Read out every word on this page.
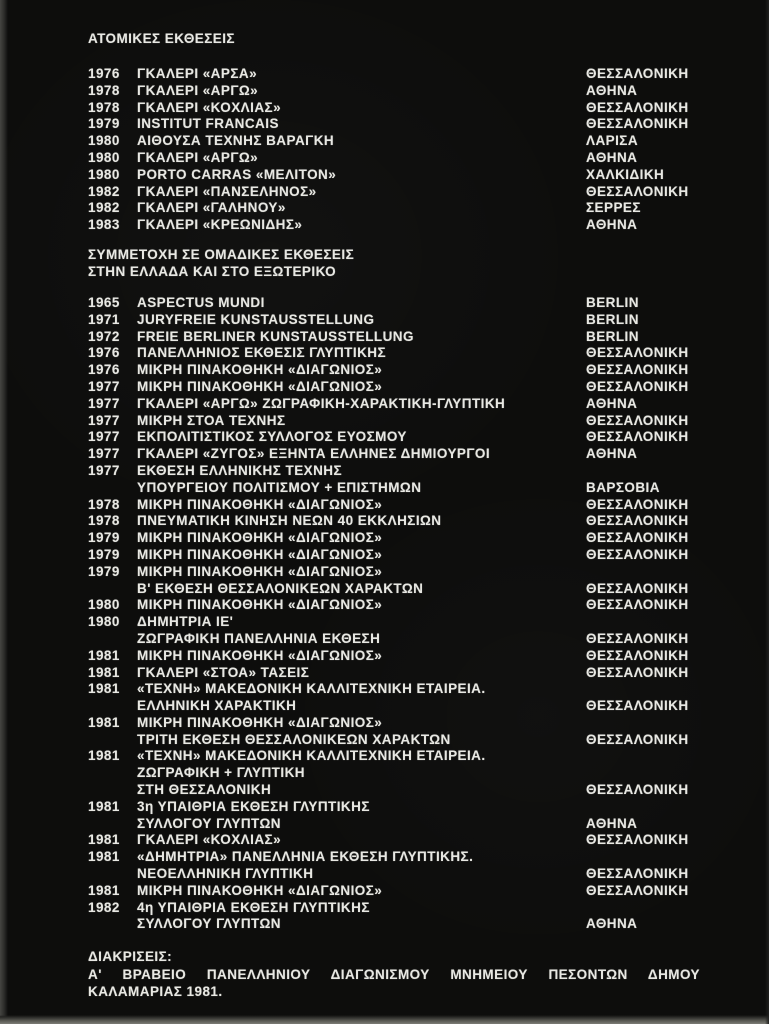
ΑΤΟΜΙΚΕΣ ΕΚΘΕΣΕΙΣ
1976	ΓΚΑΛΕΡΙ «ΑΡΣΑ»	ΘΕΣΣΑΛΟΝΙΚΗ
1978	ΓΚΑΛΕΡΙ «ΑΡΓΩ»	ΑΘΗΝΑ
1978	ΓΚΑΛΕΡΙ «ΚΟΧΛΙΑΣ»	ΘΕΣΣΑΛΟΝΙΚΗ
1979	INSTITUT FRANCAIS	ΘΕΣΣΑΛΟΝΙΚΗ
1980	ΑΙΘΟΥΣΑ ΤΕΧΝΗΣ ΒΑΡΑΓΚΗ	ΛΑΡΙΣΑ
1980	ΓΚΑΛΕΡΙ «ΑΡΓΩ»	ΑΘΗΝΑ
1980	PORTO CARRAS «ΜΕΛΙΤΟΝ»	ΧΑΛΚΙΔΙΚΗ
1982	ΓΚΑΛΕΡΙ «ΠΑΝΣΕΛΗΝΟΣ»	ΘΕΣΣΑΛΟΝΙΚΗ
1982	ΓΚΑΛΕΡΙ «ΓΑΛΗΝΟΥ»	ΣΕΡΡΕΣ
1983	ΓΚΑΛΕΡΙ «ΚΡΕΩΝΙΔΗΣ»	ΑΘΗΝΑ
ΣΥΜΜΕΤΟΧΗ ΣΕ ΟΜΑΔΙΚΕΣ ΕΚΘΕΣΕΙΣ
ΣΤΗΝ ΕΛΛΑΔΑ ΚΑΙ ΣΤΟ ΕΞΩΤΕΡΙΚΟ
1965	ASPECTUS MUNDI	BERLIN
1971	JURYFREIE KUNSTAUSSTELLUNG	BERLIN
1972	FREIE BERLINER KUNSTAUSSTELLUNG	BERLIN
1976	ΠΑΝΕΛΛΗΝΙΟΣ ΕΚΘΕΣΙΣ ΓΛΥΠΤΙΚΗΣ	ΘΕΣΣΑΛΟΝΙΚΗ
1976	ΜΙΚΡΗ ΠΙΝΑΚΟΘΗΚΗ «ΔΙΑΓΩΝΙΟΣ»	ΘΕΣΣΑΛΟΝΙΚΗ
1977	ΜΙΚΡΗ ΠΙΝΑΚΟΘΗΚΗ «ΔΙΑΓΩΝΙΟΣ»	ΘΕΣΣΑΛΟΝΙΚΗ
1977	ΓΚΑΛΕΡΙ «ΑΡΓΩ» ΖΩΓΡΑΦΙΚΗ-ΧΑΡΑΚΤΙΚΗ-ΓΛΥΠΤΙΚΗ	ΑΘΗΝΑ
1977	ΜΙΚΡΗ ΣΤΟΑ ΤΕΧΝΗΣ	ΘΕΣΣΑΛΟΝΙΚΗ
1977	ΕΚΠΟΛΙΤΙΣΤΙΚΟΣ ΣΥΛΛΟΓΟΣ ΕΥΟΣΜΟΥ	ΘΕΣΣΑΛΟΝΙΚΗ
1977	ΓΚΑΛΕΡΙ «ΖΥΓΟΣ» ΕΞΗΝΤΑ ΕΛΛΗΝΕΣ ΔΗΜΙΟΥΡΓΟΙ	ΑΘΗΝΑ
1977	ΕΚΘΕΣΗ ΕΛΛΗΝΙΚΗΣ ΤΕΧΝΗΣ
ΥΠΟΥΡΓΕΙΟΥ ΠΟΛΙΤΙΣΜΟΥ + ΕΠΙΣΤΗΜΩΝ	ΒΑΡΣΟΒΙΑ
1978	ΜΙΚΡΗ ΠΙΝΑΚΟΘΗΚΗ «ΔΙΑΓΩΝΙΟΣ»	ΘΕΣΣΑΛΟΝΙΚΗ
1978	ΠΝΕΥΜΑΤΙΚΗ ΚΙΝΗΣΗ ΝΕΩΝ 40 ΕΚΚΛΗΣΙΩΝ	ΘΕΣΣΑΛΟΝΙΚΗ
1979	ΜΙΚΡΗ ΠΙΝΑΚΟΘΗΚΗ «ΔΙΑΓΩΝΙΟΣ»	ΘΕΣΣΑΛΟΝΙΚΗ
1979	ΜΙΚΡΗ ΠΙΝΑΚΟΘΗΚΗ «ΔΙΑΓΩΝΙΟΣ»	ΘΕΣΣΑΛΟΝΙΚΗ
1979	ΜΙΚΡΗ ΠΙΝΑΚΟΘΗΚΗ «ΔΙΑΓΩΝΙΟΣ»
Β' ΕΚΘΕΣΗ ΘΕΣΣΑΛΟΝΙΚΕΩΝ ΧΑΡΑΚΤΩΝ	ΘΕΣΣΑΛΟΝΙΚΗ
1980	ΜΙΚΡΗ ΠΙΝΑΚΟΘΗΚΗ «ΔΙΑΓΩΝΙΟΣ»	ΘΕΣΣΑΛΟΝΙΚΗ
1980	ΔΗΜΗΤΡΙΑ ΙΕ'
ΖΩΓΡΑΦΙΚΗ ΠΑΝΕΛΛΗΝΙΑ ΕΚΘΕΣΗ	ΘΕΣΣΑΛΟΝΙΚΗ
1981	ΜΙΚΡΗ ΠΙΝΑΚΟΘΗΚΗ «ΔΙΑΓΩΝΙΟΣ»	ΘΕΣΣΑΛΟΝΙΚΗ
1981	ΓΚΑΛΕΡΙ «ΣΤΟΑ» ΤΑΣΕΙΣ	ΘΕΣΣΑΛΟΝΙΚΗ
1981	«ΤΕΧΝΗ» ΜΑΚΕΔΟΝΙΚΗ ΚΑΛΛΙΤΕΧΝΙΚΗ ΕΤΑΙΡΕΙΑ.
ΕΛΛΗΝΙΚΗ ΧΑΡΑΚΤΙΚΗ	ΘΕΣΣΑΛΟΝΙΚΗ
1981	ΜΙΚΡΗ ΠΙΝΑΚΟΘΗΚΗ «ΔΙΑΓΩΝΙΟΣ»
ΤΡΙΤΗ ΕΚΘΕΣΗ ΘΕΣΣΑΛΟΝΙΚΕΩΝ ΧΑΡΑΚΤΩΝ	ΘΕΣΣΑΛΟΝΙΚΗ
1981	«ΤΕΧΝΗ» ΜΑΚΕΔΟΝΙΚΗ ΚΑΛΛΙΤΕΧΝΙΚΗ ΕΤΑΙΡΕΙΑ.
ΖΩΓΡΑΦΙΚΗ + ΓΛΥΠΤΙΚΗ
ΣΤΗ ΘΕΣΣΑΛΟΝΙΚΗ	ΘΕΣΣΑΛΟΝΙΚΗ
1981	3η ΥΠΑΙΘΡΙΑ ΕΚΘΕΣΗ ΓΛΥΠΤΙΚΗΣ
ΣΥΛΛΟΓΟΥ ΓΛΥΠΤΩΝ	ΑΘΗΝΑ
1981	ΓΚΑΛΕΡΙ «ΚΟΧΛΙΑΣ»	ΘΕΣΣΑΛΟΝΙΚΗ
1981	«ΔΗΜΗΤΡΙΑ» ΠΑΝΕΛΛΗΝΙΑ ΕΚΘΕΣΗ ΓΛΥΠΤΙΚΗΣ.
ΝΕΟΕΛΛΗΝΙΚΗ ΓΛΥΠΤΙΚΗ	ΘΕΣΣΑΛΟΝΙΚΗ
1981	ΜΙΚΡΗ ΠΙΝΑΚΟΘΗΚΗ «ΔΙΑΓΩΝΙΟΣ»	ΘΕΣΣΑΛΟΝΙΚΗ
1982	4η ΥΠΑΙΘΡΙΑ ΕΚΘΕΣΗ ΓΛΥΠΤΙΚΗΣ
ΣΥΛΛΟΓΟΥ ΓΛΥΠΤΩΝ	ΑΘΗΝΑ
ΔΙΑΚΡΙΣΕΙΣ:
Α' ΒΡΑΒΕΙΟ ΠΑΝΕΛΛΗΝΙΟΥ ΔΙΑΓΩΝΙΣΜΟΥ ΜΝΗΜΕΙΟΥ ΠΕΣΟΝΤΩΝ ΔΗΜΟΥ
ΚΑΛΑΜΑΡΙΑΣ 1981.
